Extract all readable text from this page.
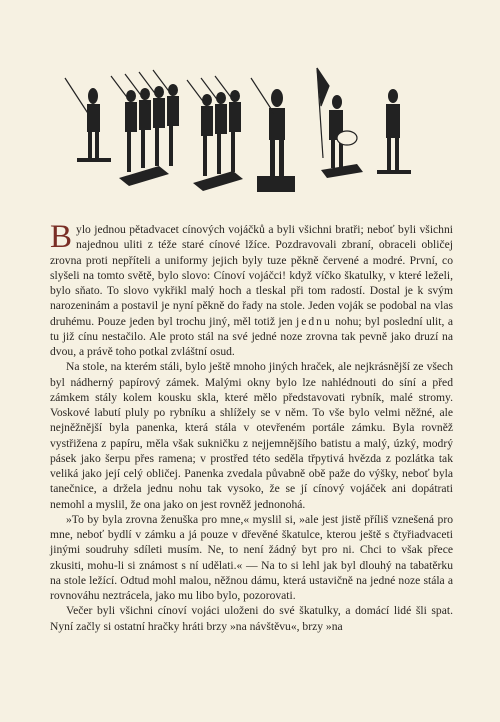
Bylo jednou pětadvacet cínových vojáčků a byli všichni bratři; neboť byli všichni najednou uliti z téže staré cínové lžíce. Pozdravovali zbraní, obraceli obličej zrovna proti nepříteli a uniformy jejich byly tuze pěkně červené a modré. První, co slyšeli na tomto světě, bylo slovo: Cínoví vojáčci! když víčko škatulky, v které leželi, bylo sňato. To slovo vykřikl malý hoch a tleskal při tom radostí. Dostal je k svým narozeninám a postavil je nyní pěkně do řady na stole. Jeden voják se podobal na vlas druhému. Pouze jeden byl trochu jiný, měl totiž jen jednu nohu; byl poslední ulit, a tu již cínu nestačilo. Ale proto stál na své jedné noze zrovna tak pevně jako druzí na dvou, a právě toho potkal zvláštní osud.

Na stole, na kterém stáli, bylo ještě mnoho jiných hraček, ale nejkrásnější ze všech byl nádherný papírový zámek. Malými okny bylo lze nahlédnouti do síní a před zámkem stály kolem kousku skla, které mělo představovati rybník, malé stromy. Voskové labutí pluly po rybníku a shlížely se v něm. To vše bylo velmi něžné, ale nejněžnější byla panenka, která stála v otevřeném portále zámku. Byla rovněž vystřižena z papíru, měla však sukničku z nejjemnějšího batistu a malý, úzký, modrý pásek jako šerpu přes ramena; v prostřed této seděla třpytivá hvězda z pozlátka tak veliká jako její celý obličej. Panenka zvedala půvabně obě paže do výšky, neboť byla tanečnice, a držela jednu nohu tak vysoko, že se jí cínový vojáček ani dopátrati nemohl a myslil, že ona jako on jest rovněž jednonohá.

»To by byla zrovna ženuška pro mne,« myslil si, »ale jest jistě příliš vznešená pro mne, neboť bydlí v zámku a já pouze v dřevěné škatulce, kterou ještě s čtyřiadvaceti jinými soudruhy sdíleti musím. Ne, to není žádný byt pro ni. Chci to však přece zkusiti, mohu-li si známost s ní udělati.« — Na to si lehl jak byl dlouhý na tabatěrku na stole ležící. Odtud mohl malou, něžnou dámu, která ustavičně na jedné noze stála a rovnováhu neztrácela, jako mu libo bylo, pozorovati.

Večer byli všichni cínoví vojáci uloženi do své škatulky, a domácí lidé šli spat. Nyní začly si ostatní hračky hráti brzy »na návštěvu«, brzy »na
